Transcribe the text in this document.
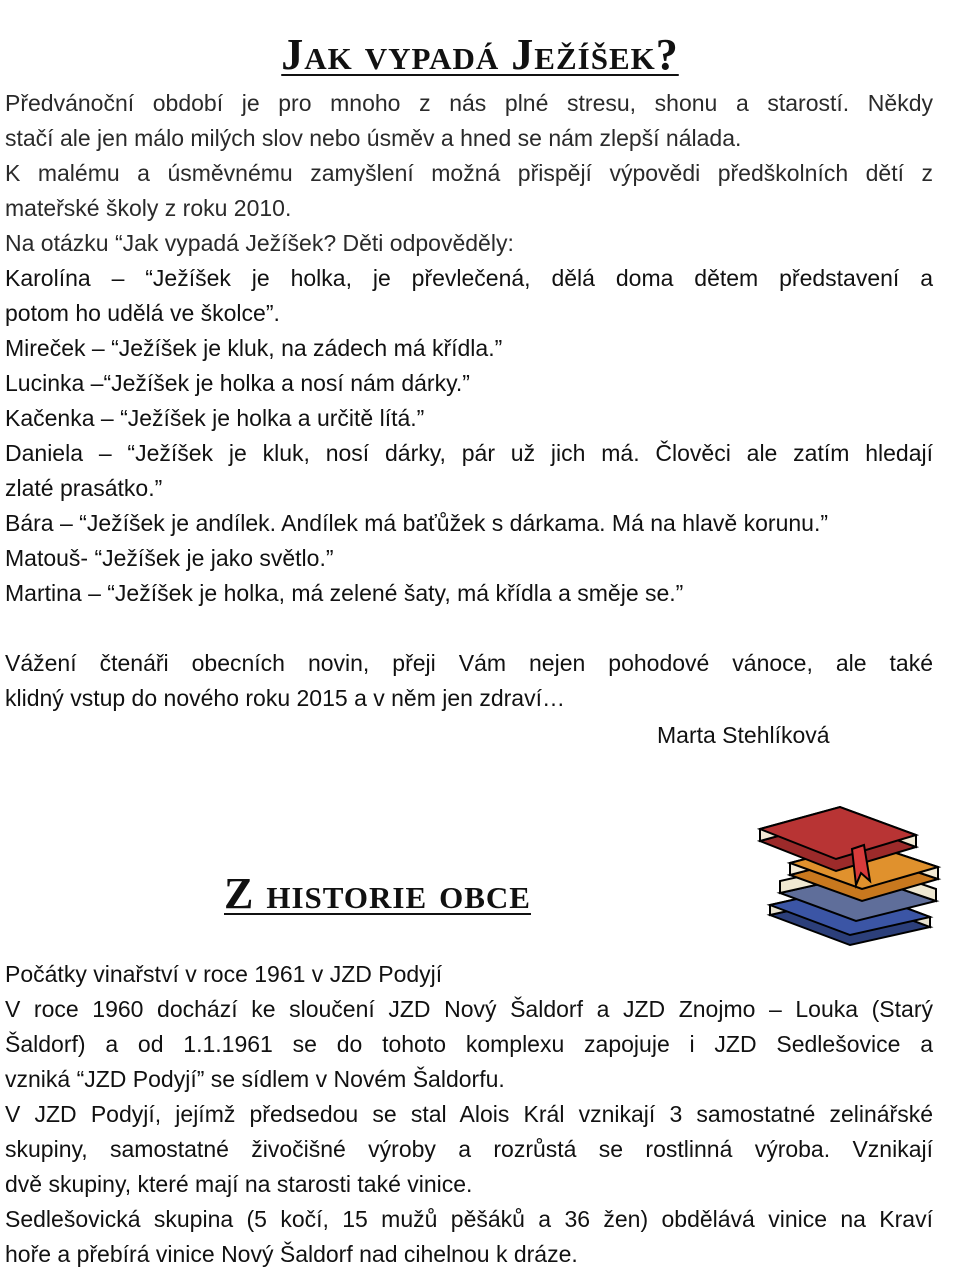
Jak vypadá Ježíšek?
Předvánoční období je pro mnoho z nás plné stresu, shonu a starostí. Někdy
stačí ale jen málo milých slov nebo úsměv a hned se nám zlepší nálada.
K malému a úsměvnému zamyšlení možná přispějí výpovědi předškolních dětí z
mateřské školy z roku 2010.
Na otázku “Jak vypadá Ježíšek? Děti odpověděly:
Karolína – “Ježíšek je holka, je převlečená, dělá doma dětem představení a
potom ho udělá ve školce”.
Mireček – “Ježíšek je kluk, na zádech má křídla.”
Lucinka –“Ježíšek je holka a nosí nám dárky.”
Kačenka – “Ježíšek je holka a určitě lítá.”
Daniela – “Ježíšek je kluk, nosí dárky, pár už jich má. Člověci ale zatím hledají
zlaté prasátko.”
Bára – “Ježíšek je andílek. Andílek má baťůžek s dárkama. Má na hlavě korunu.”
Matouš- “Ježíšek je jako světlo.”
Martina – “Ježíšek je holka, má zelené šaty, má křídla a směje se.”
Vážení čtenáři obecních novin, přeji Vám nejen pohodové vánoce, ale také
klidný vstup do nového roku 2015 a v něm jen zdraví…
Marta Stehlíková
Z historie obce
Počátky vinařství v roce 1961 v JZD Podyjí
V roce 1960 dochází ke sloučení JZD Nový Šaldorf a JZD Znojmo – Louka (Starý
Šaldorf) a od 1.1.1961 se do tohoto komplexu zapojuje i JZD Sedlešovice a
vzniká “JZD Podyjí” se sídlem v Novém Šaldorfu.
V JZD Podyjí, jejímž předsedou se stal Alois Král vznikají 3 samostatné zelinářské
skupiny, samostatné živočišné výroby a rozrůstá se rostlinná výroba. Vznikají
dvě skupiny, které mají na starosti také vinice.
Sedlešovická skupina (5 kočí, 15 mužů pěšáků a 36 žen) obdělává vinice na Kraví
hoře a přebírá vinice Nový Šaldorf nad cihelnou k dráze.
